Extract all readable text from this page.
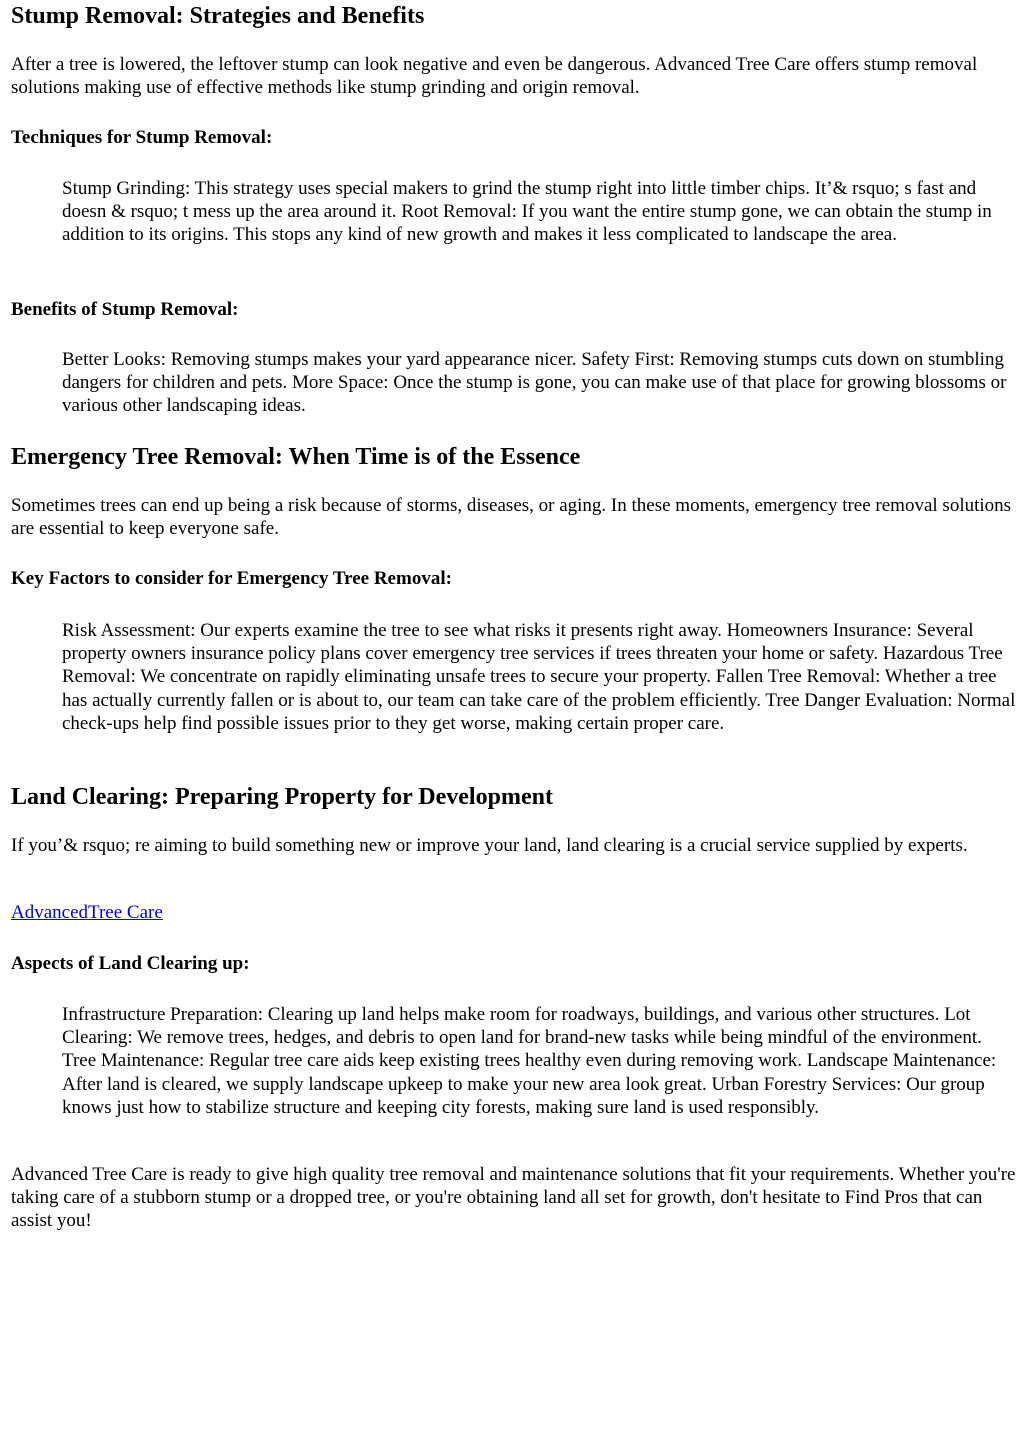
Stump Removal: Strategies and Benefits

After a tree is lowered, the leftover stump can look negative and even be dangerous. Advanced Tree Care offers stump removal solutions making use of effective methods like stump grinding and origin removal.

Techniques for Stump Removal:
Stump Grinding: This strategy uses special makers to grind the stump right into little timber chips. It’& rsquo; s fast and doesn & rsquo; t mess up the area around it. Root Removal: If you want the entire stump gone, we can obtain the stump in addition to its origins. This stops any kind of new growth and makes it less complicated to landscape the area.
Benefits of Stump Removal:
Better Looks: Removing stumps makes your yard appearance nicer. Safety First: Removing stumps cuts down on stumbling dangers for children and pets. More Space: Once the stump is gone, you can make use of that place for growing blossoms or various other landscaping ideas.
Emergency Tree Removal: When Time is of the Essence

Sometimes trees can end up being a risk because of storms, diseases, or aging. In these moments, emergency tree removal solutions are essential to keep everyone safe.

Key Factors to consider for Emergency Tree Removal:
Risk Assessment: Our experts examine the tree to see what risks it presents right away. Homeowners Insurance: Several property owners insurance policy plans cover emergency tree services if trees threaten your home or safety. Hazardous Tree Removal: We concentrate on rapidly eliminating unsafe trees to secure your property. Fallen Tree Removal: Whether a tree has actually currently fallen or is about to, our team can take care of the problem efficiently. Tree Danger Evaluation: Normal check-ups help find possible issues prior to they get worse, making certain proper care.
Land Clearing: Preparing Property for Development

If you’& rsquo; re aiming to build something new or improve your land, land clearing is a crucial service supplied by experts.

AdvancedTree Care

Aspects of Land Clearing up:
Infrastructure Preparation: Clearing up land helps make room for roadways, buildings, and various other structures. Lot Clearing: We remove trees, hedges, and debris to open land for brand-new tasks while being mindful of the environment. Tree Maintenance: Regular tree care aids keep existing trees healthy even during removing work. Landscape Maintenance: After land is cleared, we supply landscape upkeep to make your new area look great. Urban Forestry Services: Our group knows just how to stabilize structure and keeping city forests, making sure land is used responsibly.

Advanced Tree Care is ready to give high quality tree removal and maintenance solutions that fit your requirements. Whether you're taking care of a stubborn stump or a dropped tree, or you're obtaining land all set for growth, don't hesitate to Find Pros that can assist you!
